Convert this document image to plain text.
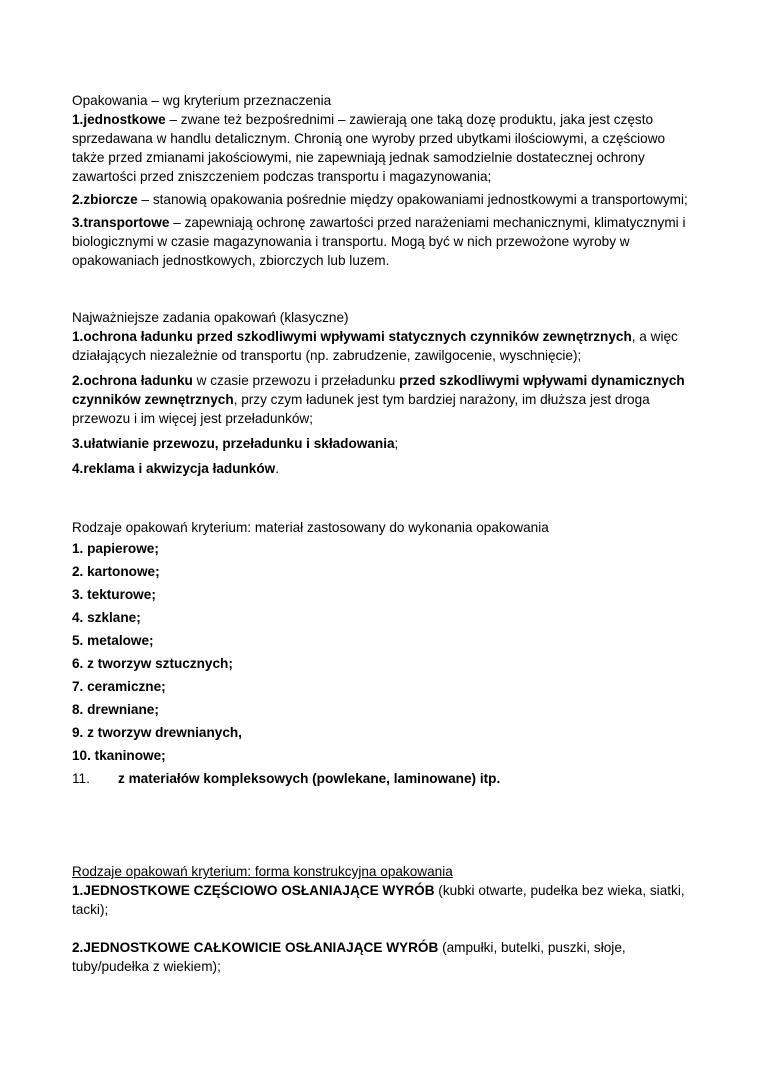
Opakowania – wg kryterium przeznaczenia

1.jednostkowe – zwane też bezpośrednimi – zawierają one taką dozę produktu, jaka jest często sprzedawana w handlu detalicznym. Chronią one wyroby przed ubytkami ilościowymi, a częściowo także przed zmianami jakościowymi, nie zapewniają jednak samodzielnie dostatecznej ochrony zawartości przed zniszczeniem podczas transportu i magazynowania;

2.zbiorcze – stanowią opakowania pośrednie między opakowaniami jednostkowymi a transportowymi;

3.transportowe – zapewniają ochronę zawartości przed narażeniami mechanicznymi, klimatycznymi i biologicznymi w czasie magazynowania i transportu. Mogą być w nich przewożone wyroby w opakowaniach jednostkowych, zbiorczych lub luzem.

Najważniejsze zadania opakowań (klasyczne)

1.ochrona ładunku przed szkodliwymi wpływami statycznych czynników zewnętrznych, a więc działających niezależnie od transportu (np. zabrudzenie, zawilgocenie, wyschnięcie);

2.ochrona ładunku w czasie przewozu i przeładunku przed szkodliwymi wpływami dynamicznych czynników zewnętrznych, przy czym ładunek jest tym bardziej narażony, im dłuższa jest droga przewozu i im więcej jest przeładunków;

3.ułatwianie przewozu, przeładunku i składowania;

4.reklama i akwizycja ładunków.

Rodzaje opakowań kryterium: materiał zastosowany do wykonania opakowania

1. papierowe;

2. kartonowe;

3. tekturowe;

4. szklane;

5. metalowe;

6. z tworzyw sztucznych;

7. ceramiczne;

8. drewniane;

9. z tworzyw drewnianych,

10. tkaninowe;

11. z materiałów kompleksowych (powlekane, laminowane) itp.

Rodzaje opakowań kryterium: forma konstrukcyjna opakowania

1.JEDNOSTKOWE CZĘŚCIOWO OSŁANIAJĄCE WYRÓB (kubki otwarte, pudełka bez wieka, siatki, tacki);

2.JEDNOSTKOWE CAŁKOWICIE OSŁANIAJĄCE WYRÓB (ampułki, butelki, puszki, słoje, tuby/pudełka z wiekiem);
